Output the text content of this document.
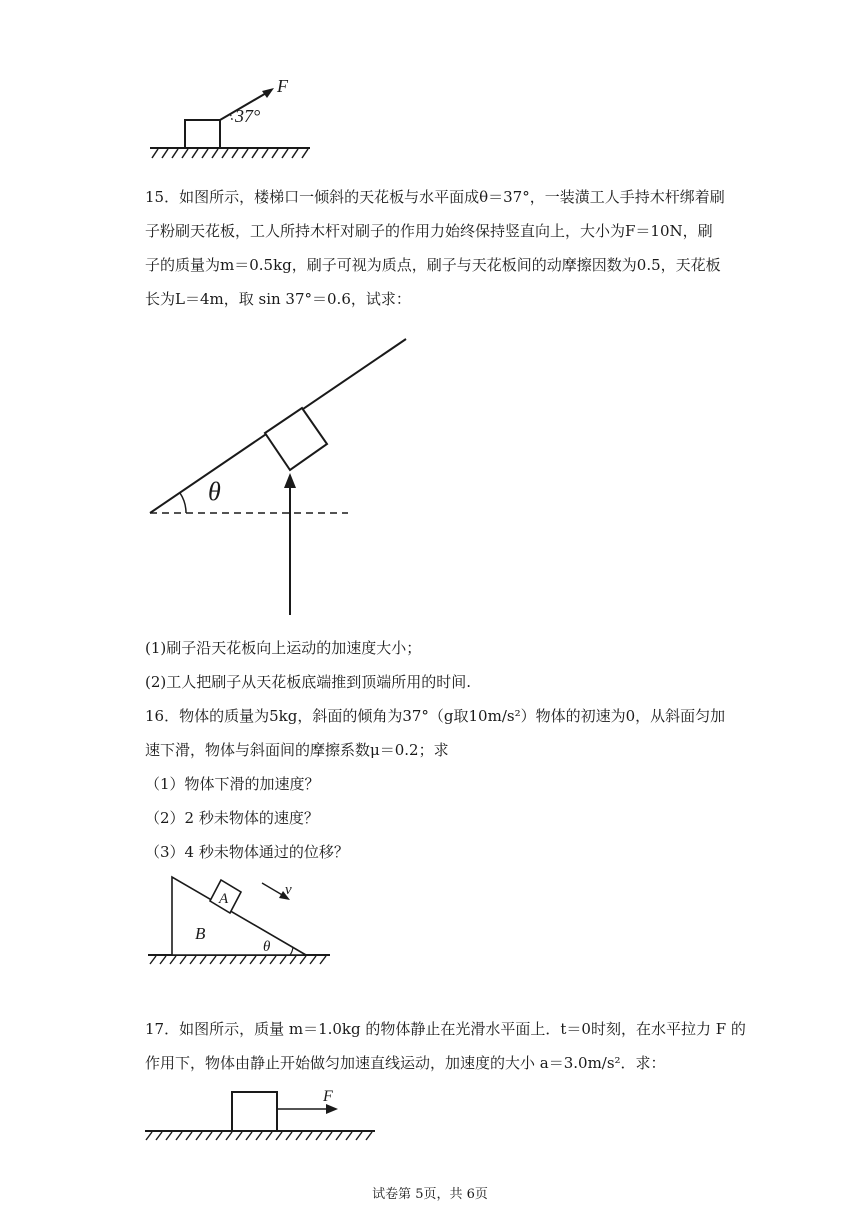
F
37°
15．如图所示，楼梯口一倾斜的天花板与水平面成θ＝37°，一装潢工人手持木杆绑着刷
子粉刷天花板，工人所持木杆对刷子的作用力始终保持竖直向上，大小为F＝10N，刷
子的质量为m＝0.5kg，刷子可视为质点，刷子与天花板间的动摩擦因数为0.5，天花板
长为L＝4m，取 sin 37°＝0.6，试求：
θ
(1)刷子沿天花板向上运动的加速度大小；
(2)工人把刷子从天花板底端推到顶端所用的时间.
16．物体的质量为5kg，斜面的倾角为37°（g取10m/s²）物体的初速为0，从斜面匀加
速下滑，物体与斜面间的摩擦系数μ＝0.2；求
（1）物体下滑的加速度？
（2）2 秒未物体的速度？
（3）4 秒未物体通过的位移？
A
B
θ
v
17．如图所示，质量 m＝1.0kg 的物体静止在光滑水平面上．t＝0时刻，在水平拉力 F 的
作用下，物体由静止开始做匀加速直线运动，加速度的大小 a＝3.0m/s²．求：
F
试卷第 5页，共 6页
